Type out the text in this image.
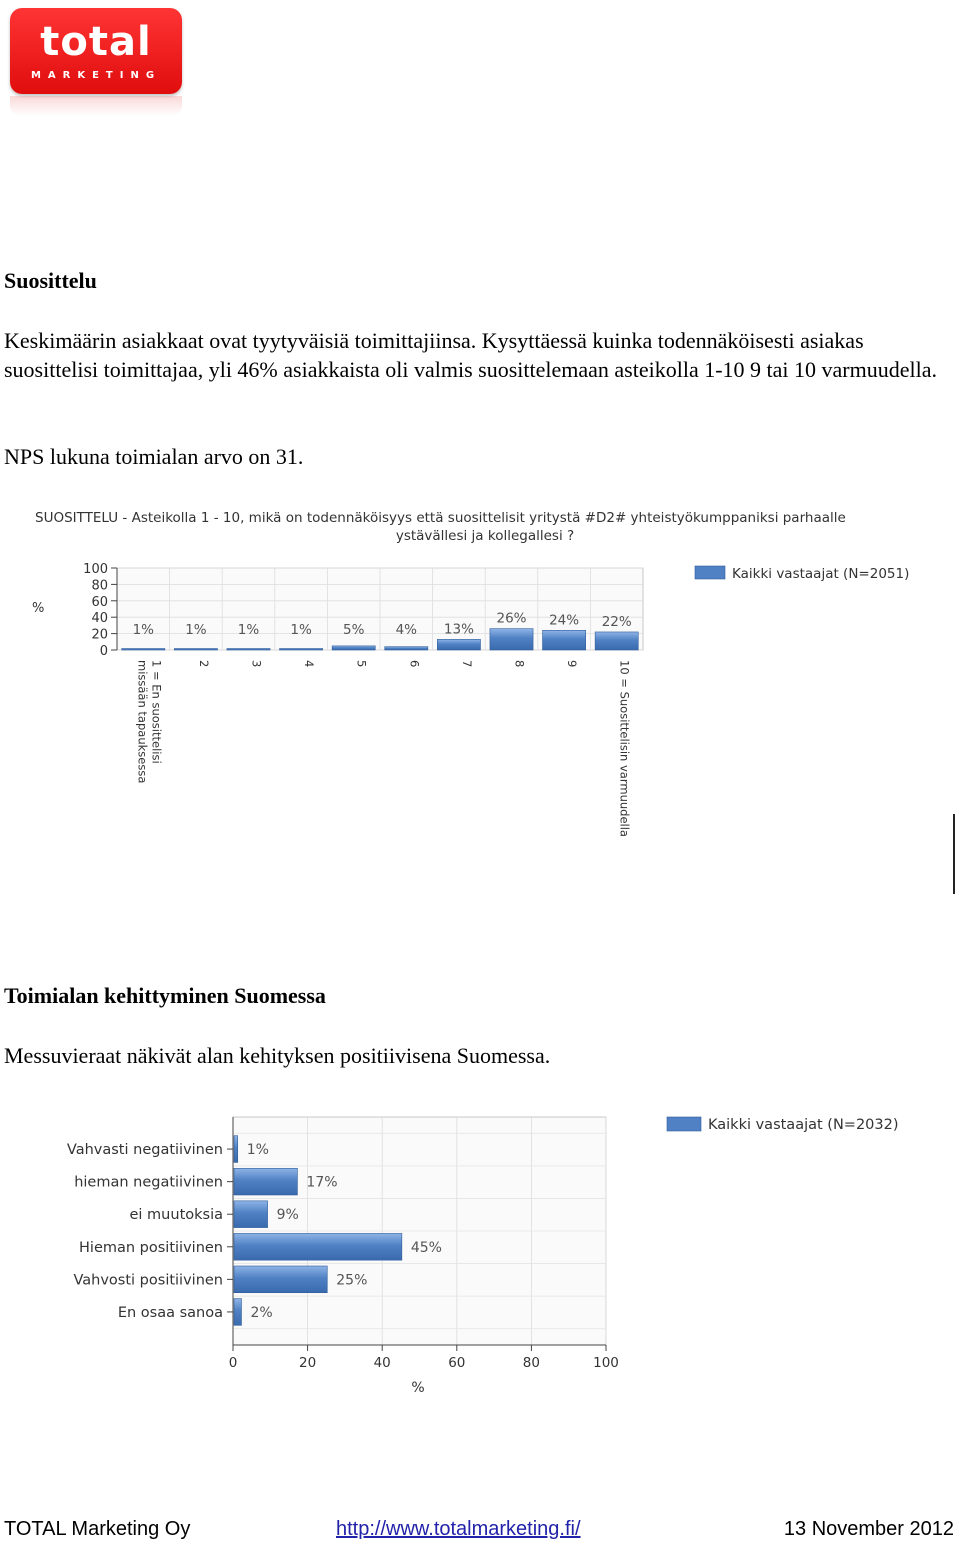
total
MARKETING
Suosittelu

Keskimäärin asiakkaat ovat tyytyväisiä toimittajiinsa. Kysyttäessä kuinka todennäköisesti asiakas suosittelisi toimittajaa, yli 46% asiakkaista oli valmis suosittelemaan asteikolla 1-10 9 tai 10 varmuudella.

NPS lukuna toimialan arvo on 31.

SUOSITTELU - Asteikolla 1 - 10, mikä on todennäköisyys että suosittelisit yritystä #D2# yhteistyökumppaniksi parhaalle
ystävällesi ja kollegallesi ?
%
1% 1% 1% 1% 5% 4% 13%
26% 24% 22%
100
80
60
40
20
0
missään tapauksessa 1 = En suosittelisi	2	3	4	5	6	7	8	9	10 = Suosittelisin varmuudella
Kaikki vastaajat (N=2051)
Toimialan kehittyminen Suomessa

Messuvieraat näkivät alan kehityksen positiivisena Suomessa.

1%
17%
9%
45%
25%
2%
Vahvasti negatiivinen
hieman negatiivinen
ei muutoksia
Hieman positiivinen
Vahvosti positiivinen
En osaa sanoa
0	20	40	60	80	100
%
Kaikki vastaajat (N=2032)
TOTAL Marketing Oy	http://www.totalmarketing.fi/	13 November 2012
